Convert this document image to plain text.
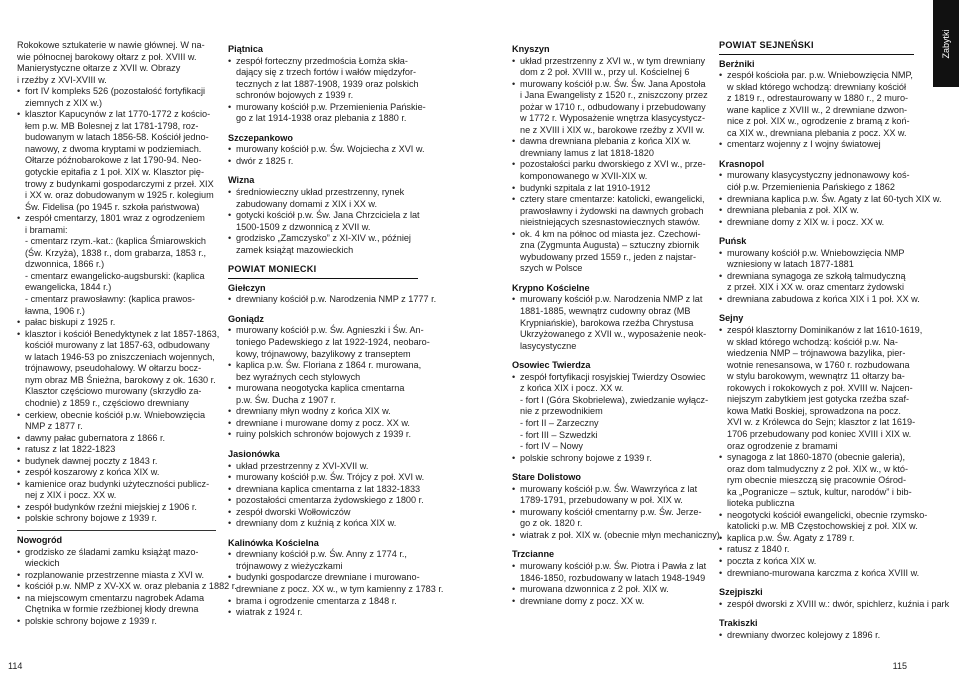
Zabytki
Rokokowe sztukaterie w nawie głównej. W na-
wie północnej barokowy ołtarz z poł. XVIII w.
Manierystyczne ołtarze z XVII w. Obrazy
i rzeźby z XVI-XVIII w.
• fort IV kompleks 526 (pozostałość fortyfikacji
ziemnych z XIX w.)
• klasztor Kapucynów z lat 1770-1772 z kościo-
łem p.w. MB Bolesnej z lat 1781-1798, roz-
budowanym w latach 1856-58. Kościół jedno-
nawowy, z dwoma kryptami w podziemiach.
Ołtarze późnobarokowe z lat 1790-94. Neo-
gotyckie epitafia z 1 poł. XIX w. Klasztor pię-
trowy z budynkami gospodarczymi z przeł. XIX
i XX w. oraz dobudowanym w 1925 r. kolegium
Św. Fidelisa (po 1945 r. szkoła państwowa)
• zespół cmentarzy, 1801 wraz z ogrodzeniem
i bramami:
- cmentarz rzym.-kat.: (kaplica Śmiarowskich
(Św. Krzyża), 1838 r., dom grabarza, 1853 r.,
dzwonnica, 1866 r.)
- cmentarz ewangelicko-augsburski: (kaplica
ewangelicka, 1844 r.)
- cmentarz prawosławny: (kaplica prawos-
ławna, 1906 r.)
• pałac biskupi z 1925 r.
• klasztor i kościół Benedyktynek z lat 1857-1863,
kościół murowany z lat 1857-63, odbudowany
w latach 1946-53 po zniszczeniach wojennych,
trójnawowy, pseudohalowy. W ołtarzu bocz-
nym obraz MB Śnieżna, barokowy z ok. 1630 r.
Klasztor częściowo murowany (skrzydło za-
chodnie) z 1859 r., częściowo drewniany
• cerkiew, obecnie kościół p.w. Wniebowzięcia
NMP z 1877 r.
• dawny pałac gubernatora z 1866 r.
• ratusz z lat 1822-1823
• budynek dawnej poczty z 1843 r.
• zespół koszarowy z końca XIX w.
• kamienice oraz budynki użyteczności publicz-
nej z XIX i pocz. XX w.
• zespół budynków rzeźni miejskiej z 1906 r.
• polskie schrony bojowe z 1939 r.
Nowogród
• grodzisko ze śladami zamku książąt mazo-
wieckich
• rozplanowanie przestrzenne miasta z XVI w.
• kościół p.w. NMP z XV-XX w. oraz plebania z 1882 r.
• na miejscowym cmentarzu nagrobek Adama
Chętnika w formie rzeźbionej kłody drewna
• polskie schrony bojowe z 1939 r.
Piątnica
• zespół forteczny przedmościa Łomża skła-
dający się z trzech fortów i wałów międzyfor-
tecznych z lat 1887-1908, 1939 oraz polskich
schronów bojowych z 1939 r.
• murowany kościół p.w. Przemienienia Pańskie-
go z lat 1914-1938 oraz plebania z 1880 r.
Szczepankowo
• murowany kościół p.w. Św. Wojciecha z XVI w.
• dwór z 1825 r.
Wizna
• średniowieczny układ przestrzenny, rynek
zabudowany domami z XIX i XX w.
• gotycki kościół p.w. Św. Jana Chrzciciela z lat
1500-1509 z dzwonnicą z XVII w.
• grodzisko „Zamczysko” z XI-XIV w., później
zamek książąt mazowieckich
POWIAT MONIECKI
Giełczyn
• drewniany kościół p.w. Narodzenia NMP z 1777 r.
Goniądz
• murowany kościół p.w. Św. Agnieszki i Św. An-
toniego Padewskiego z lat 1922-1924, neobaro-
kowy, trójnawowy, bazylikowy z transeptem
• kaplica p.w. Św. Floriana z 1864 r. murowana,
bez wyraźnych cech stylowych
• murowana neogotycka kaplica cmentarna
p.w. Św. Ducha z 1907 r.
• drewniany młyn wodny z końca XIX w.
• drewniane i murowane domy z pocz. XX w.
• ruiny polskich schronów bojowych z 1939 r.
Jasionówka
• układ przestrzenny z XVI-XVII w.
• murowany kościół p.w. Św. Trójcy z poł. XVI w.
• drewniana kaplica cmentarna z lat 1832-1833
• pozostałości cmentarza żydowskiego z 1800 r.
• zespół dworski Wołłowiczów
• drewniany dom z kuźnią z końca XIX w.
Kalinówka Kościelna
• drewniany kościół p.w. Św. Anny z 1774 r.,
trójnawowy z wieżyczkami
• budynki gospodarcze drewniane i murowano-
drewniane z pocz. XX w., w tym kamienny z 1783 r.
• brama i ogrodzenie cmentarza z 1848 r.
• wiatrak z 1924 r.
Knyszyn
• układ przestrzenny z XVI w., w tym drewniany
dom z 2 poł. XVIII w., przy ul. Kościelnej 6
• murowany kościół p.w. Św. Św. Jana Apostoła
i Jana Ewangelisty z 1520 r., zniszczony przez
pożar w 1710 r., odbudowany i przebudowany
w 1772 r. Wyposażenie wnętrza klasycystycz-
ne z XVIII i XIX w., barokowe rzeźby z XVII w.
• dawna drewniana plebania z końca XIX w.
drewniany lamus z lat 1818-1820
• pozostałości parku dworskiego z XVI w., prze-
komponowanego w XVII-XIX w.
• budynki szpitala z lat 1910-1912
• cztery stare cmentarze: katolicki, ewangelicki,
prawosławny i żydowski na dawnych grobach
nieistniejących szesnastowiecznych stawów.
• ok. 4 km na północ od miasta jez. Czechowi-
zna (Zygmunta Augusta) – sztuczny zbiornik
wybudowany przed 1559 r., jeden z najstar-
szych w Polsce
Krypno Kościelne
• murowany kościół p.w. Narodzenia NMP z lat
1881-1885, wewnątrz cudowny obraz (MB
Krypniańskie), barokowa rzeźba Chrystusa
Ukrzyżowanego z XVII w., wyposażenie neok-
lasycystyczne
Osowiec Twierdza
• zespół fortyfikacji rosyjskiej Twierdzy Osowiec
z końca XIX i pocz. XX w.
- fort I (Góra Skobrielewa), zwiedzanie wyłącz-
nie z przewodnikiem
- fort II – Zarzeczny
- fort III – Szwedzki
- fort IV – Nowy
• polskie schrony bojowe z 1939 r.
Stare Dolistowo
• murowany kościół p.w. Św. Wawrzyńca z lat
1789-1791, przebudowany w poł. XIX w.
• murowany kościół cmentarny p.w. Św. Jerze-
go z ok. 1820 r.
• wiatrak z poł. XIX w. (obecnie młyn mechaniczny)
Trzcianne
• murowany kościół p.w. Św. Piotra i Pawła z lat
1846-1850, rozbudowany w latach 1948-1949
• murowana dzwonnica z 2 poł. XIX w.
• drewniane domy z pocz. XX w.
POWIAT SEJNEŃSKI
Berżniki
• zespół kościoła par. p.w. Wniebowzięcia NMP,
w skład którego wchodzą: drewniany kościół
z 1819 r., odrestaurowany w 1880 r., 2 muro-
wane kaplice z XVIII w., 2 drewniane dzwon-
nice z poł. XIX w., ogrodzenie z bramą z koń-
ca XIX w., drewniana plebania z pocz. XX w.
• cmentarz wojenny z I wojny światowej
Krasnopol
• murowany klasycystyczny jednonawowy koś-
ciół p.w. Przemienienia Pańskiego z 1862
• drewniana kaplica p.w. Św. Agaty z lat 60-tych XIX w.
• drewniana plebania z poł. XIX w.
• drewniane domy z XIX w. i pocz. XX w.
Puńsk
• murowany kościół p.w. Wniebowzięcia NMP
wzniesiony w latach 1877-1881
• drewniana synagoga ze szkołą talmudyczną
z przeł. XIX i XX w. oraz cmentarz żydowski
• drewniana zabudowa z końca XIX i 1 poł. XX w.
Sejny
• zespół klasztorny Dominikanów z lat 1610-1619,
w skład którego wchodzą: kościół p.w. Na-
wiedzenia NMP – trójnawowa bazylika, pier-
wotnie renesansowa, w 1760 r. rozbudowana
w stylu barokowym, wewnątrz 11 ołtarzy ba-
rokowych i rokokowych z poł. XVIII w. Najcen-
niejszym zabytkiem jest gotycka rzeźba szaf-
kowa Matki Boskiej, sprowadzona na pocz.
XVI w. z Królewca do Sejn; klasztor z lat 1619-
1706 przebudowany pod koniec XVIII i XIX w.
oraz ogrodzenie z bramami
• synagoga z lat 1860-1870 (obecnie galeria),
oraz dom talmudyczny z 2 poł. XIX w., w któ-
rym obecnie mieszczą się pracownie Ośrod-
ka „Pogranicze – sztuk, kultur, narodów” i bib-
lioteka publiczna
• neogotycki kościół ewangelicki, obecnie rzymsko-
katolicki p.w. MB Częstochowskiej z poł. XIX w.
• kaplica p.w. Św. Agaty z 1789 r.
• ratusz z 1840 r.
• poczta z końca XIX w.
• drewniano-murowana karczma z końca XVIII w.
Szejpiszki
• zespół dworski z XVIII w.: dwór, spichlerz, kuźnia i park
Trakiszki
• drewniany dworzec kolejowy z 1896 r.
114	115
